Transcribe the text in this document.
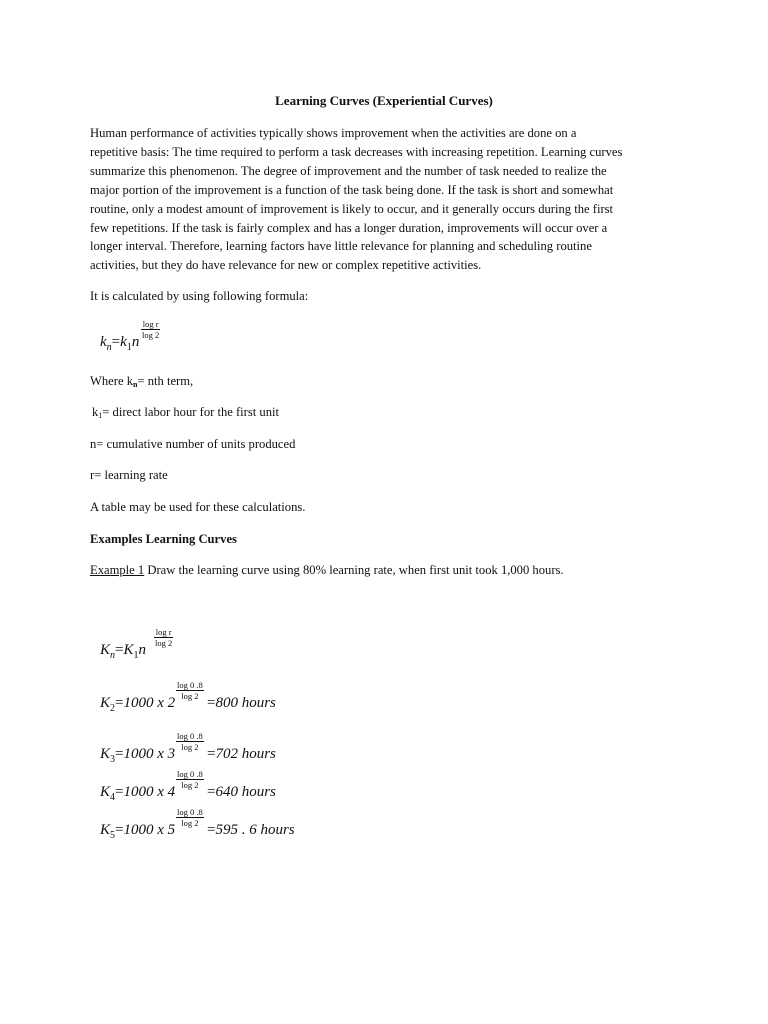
Learning Curves (Experiential Curves)
Human performance of activities typically shows improvement when the activities are done on a
repetitive basis: The time required to perform a task decreases with increasing repetition. Learning curves
summarize this phenomenon. The degree of improvement and the number of task needed to realize the
major portion of the improvement is a function of the task being done. If the task is short and somewhat
routine, only a modest amount of improvement is likely to occur, and it generally occurs during the first
few repetitions. If the task is fairly complex and has a longer duration, improvements will occur over a
longer interval. Therefore, learning factors have little relevance for planning and scheduling routine
activities, but they do have relevance for new or complex repetitive activities.
It is calculated by using following formula:
$k_n=k_1n$
$\frac{\text{log r}}{\log 2}$
Where kn= nth term,
k1= direct labor hour for the first unit
n= cumulative number of units produced
r= learning rate
A table may be used for these calculations.
Examples Learning Curves
Example 1 Draw the learning curve using 80% learning rate, when first unit took 1,000 hours.
$K_n=K_1n$
$\frac{\text{log r}}{\log 2}$
$K_2=1000$ x 2
$\frac{\log 0 .8}{\log 2}$
=800 hours
$K_3=1000$ x 3
$\frac{\log 0 .8}{\log 2}$
=702 hours
$K_4=1000$ x 4
$\frac{\log 0 .8}{\log 2}$
=640 hours
$K_5=1000$ x 5
$\frac{\log 0 .8}{\log 2}$
=595 . 6 hours
